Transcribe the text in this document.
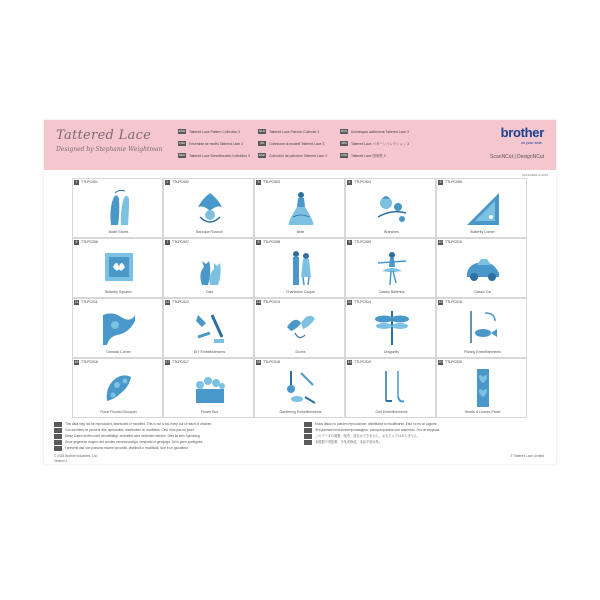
Tattered Lace
Designed by Stephanie Weightman
ENG Tattered Lace Pattern Collection 3
FRA Ensemble de motifs Tattered Lace 3
DEU Tattered Lace Schnittmuster-Kollektion 3
NLD Tattered Lace Patroon Collectie 3
ITA	Collezione di modelli Tattered Lace 3
ESP Colección de patrones Tattered Lace 3
RUS Коллекция шаблонов Tattered Lace 3
JPN	Tattered Lace パターンコレクション 3
CHN Tattered Lace 图案集 3
brother
at your side
ScanNCut | DesignNCut
XF1234001-0-2018
1	TTLPC001
Ballet Shoes
2	TTLPC002
Baroque Flourish
3	TTLPC003
Belle
4	TTLPC004
Branches
5	TTLPC005
Butterfly Corner
6	TTLPC006
Butterfly Squares
7	TTLPC007
Cats
8	TTLPC008
Charleston Couple
9	TTLPC009
Classic Ballerina
10 TTLPC010
Classic Car
11 TTLPC011
Damask Corner
12 TTLPC012
DIY Embellishments
13 TTLPC013
Doves
14 TTLPC014
Dragonfly
15 TTLPC015
Fishing Embellishments
16 TTLPC016
Floral Flourish Bouquet
17 TTLPC017
Flower Box
18 TTLPC018
Gardening Embellishments
19 TTLPC019
Golf Embellishments
20 TTLPC020
Hearts & Leaves Panel
This data may not be reproduced, distributed or modified. This is not a toy. Keep out of reach of children.
Ces données ne peuvent être reproduites, distribuées ou modifiées. Ceci n'est pas un jouet.
Diese Daten dürfen nicht vervielfältigt, verbreitet oder verändert werden. Dies ist kein Spielzeug.
Deze gegevens mogen niet worden verveelvoudigd, verspreid of gewijzigd. Dit is geen speelgoed.
I presenti dati non possono essere riprodotti, distribuiti o modificati. Non è un giocattolo.
Estos datos no pueden reproducirse, distribuirse ni modificarse. Esto no es un juguete.
Эти данные нельзя воспроизводить, распространять или изменять. Это не игрушка.
このデータの複製、配布、改変はできません。おもちゃではありません。
本数据不得复制、分发或修改。本品不是玩具。
© 2018 Brother Industries, Ltd.
Version 1
© Tattered Lace Limited
